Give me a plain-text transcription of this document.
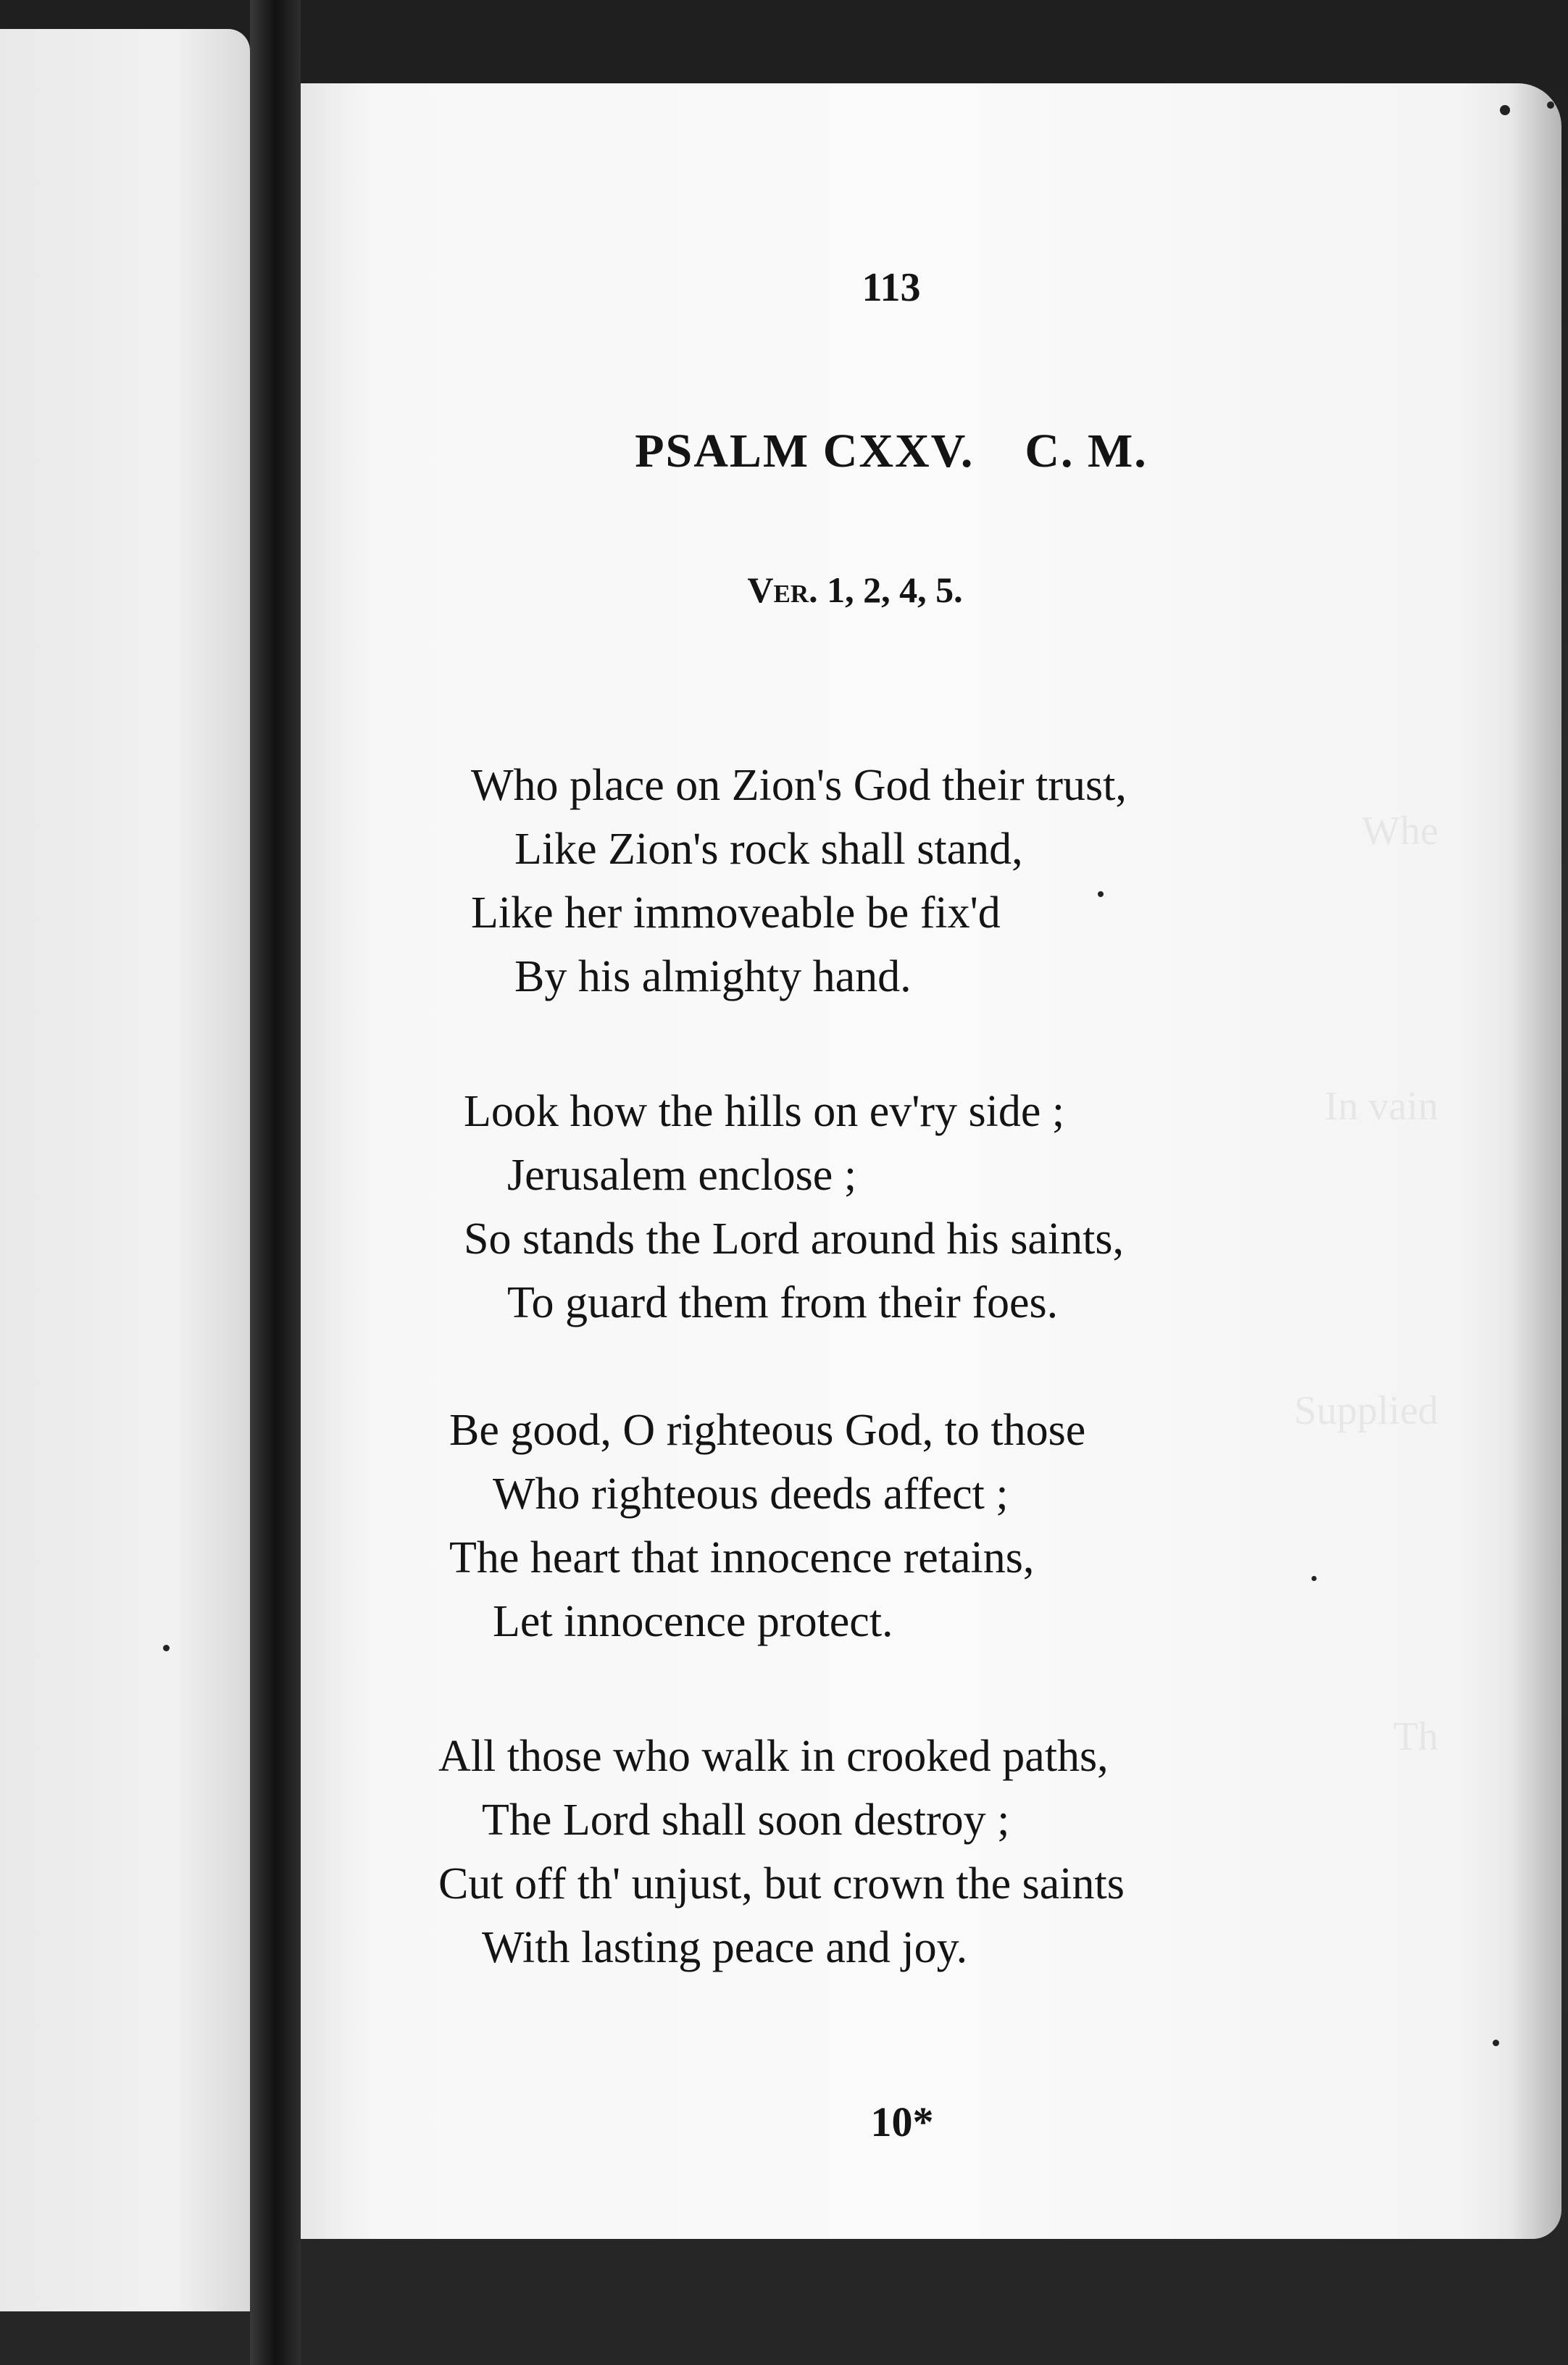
Whe
In vain
Supplied
Th
113
PSALM CXXV. C. M.
Ver. 1, 2, 4, 5.
Who place on Zion's God their trust,
Like Zion's rock shall stand,
Like her immoveable be fix'd
By his almighty hand.
Look how the hills on ev'ry side ;
Jerusalem enclose ;
So stands the Lord around his saints,
To guard them from their foes.
Be good, O righteous God, to those
Who righteous deeds affect ;
The heart that innocence retains,
Let innocence protect.
All those who walk in crooked paths,
The Lord shall soon destroy ;
Cut off th' unjust, but crown the saints
With lasting peace and joy.
10*
